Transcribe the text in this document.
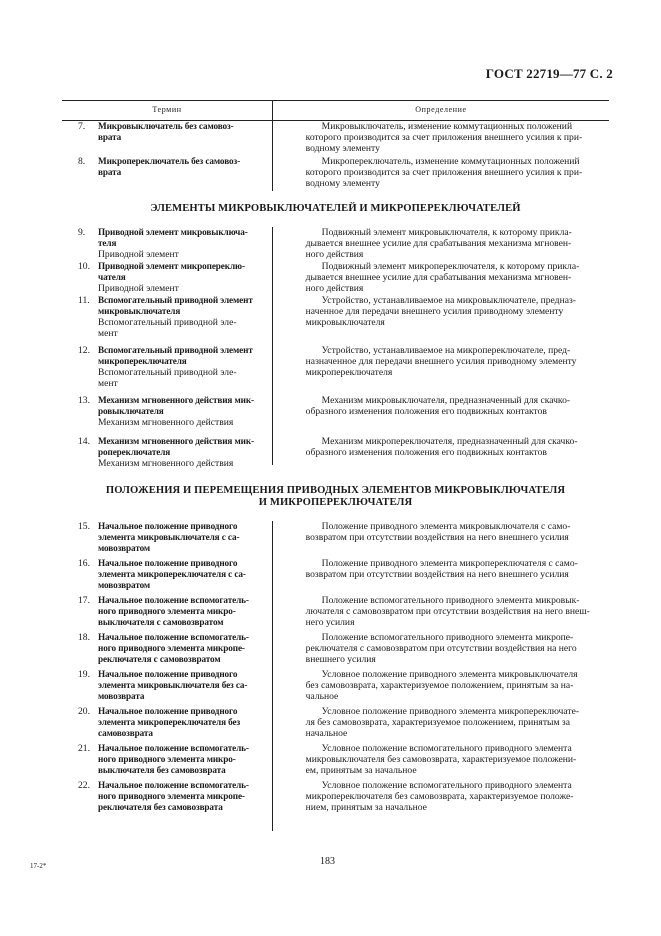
ГОСТ 22719—77 С. 2
Термин	Определение
7. Микровыключатель без самовоз-
врата
Микровыключатель, изменение коммутационных положений
которого производится за счет приложения внешнего усилия к при-
водному элементу
8. Микропереключатель без самовоз-
врата
Микропереключатель, изменение коммутационных положений
которого производится за счет приложения внешнего усилия к при-
водному элементу
ЭЛЕМЕНТЫ МИКРОВЫКЛЮЧАТЕЛЕЙ И МИКРОПЕРЕКЛЮЧАТЕЛЕЙ
9. Приводной элемент микровыключа-
теля
Приводной элемент
Подвижный элемент микровыключателя, к которому прикла-
дывается внешнее усилие для срабатывания механизма мгновен-
ного действия
10. Приводной элемент микропереклю-
чателя
Приводной элемент
Подвижный элемент микропереключателя, к которому прикла-
дывается внешнее усилие для срабатывания механизма мгновен-
ного действия
11. Вспомогательный приводной элемент
микровыключателя
Вспомогательный приводной эле-
мент
Устройство, устанавливаемое на микровыключателе, предназ-
наченное для передачи внешнего усилия приводному элементу
микровыключателя
12. Вспомогательный приводной элемент
микропереключателя
Вспомогательный приводной эле-
мент
Устройство, устанавливаемое на микропереключателе, пред-
назначенное для передачи внешнего усилия приводному элементу
микропереключателя
13. Механизм мгновенного действия мик-
ровыключателя
Механизм мгновенного действия
Механизм микровыключателя, предназначенный для скачко-
образного изменения положения его подвижных контактов
14. Механизм мгновенного действия мик-
ропереключателя
Механизм мгновенного действия
Механизм микропереключателя, предназначенный для скачко-
образного изменения положения его подвижных контактов
ПОЛОЖЕНИЯ И ПЕРЕМЕЩЕНИЯ ПРИВОДНЫХ ЭЛЕМЕНТОВ МИКРОВЫКЛЮЧАТЕЛЯ
И МИКРОПЕРЕКЛЮЧАТЕЛЯ
15. Начальное положение приводного
элемента микровыключателя с са-
мовозвратом
Положение приводного элемента микровыключателя с само-
возвратом при отсутствии воздействия на него внешнего усилия
16. Начальное положение приводного
элемента микропереключателя с са-
мовозвратом
Положение приводного элемента микропереключателя с само-
возвратом при отсутствии воздействия на него внешнего усилия
17. Начальное положение вспомогатель-
ного приводного элемента микро-
выключателя с самовозвратом
Положение вспомогательного приводного элемента микровык-
лючателя с самовозвратом при отсутствии воздействия на него внеш-
него усилия
18. Начальное положение вспомогатель-
ного приводного элемента микропе-
реключателя с самовозвратом
Положение вспомогательного приводного элемента микропе-
реключателя с самовозвратом при отсутствии воздействия на него
внешнего усилия
19. Начальное положение приводного
элемента микровыключателя без са-
мовозврата
Условное положение приводного элемента микровыключателя
без самовозврата, характеризуемое положением, принятым за на-
чальное
20. Начальное положение приводного
элемента микропереключателя без
самовозврата
Условное положение приводного элемента микропереключате-
ля без самовозврата, характеризуемое положением, принятым за
начальное
21. Начальное положение вспомогатель-
ного приводного элемента микро-
выключателя без самовозврата
Условное положение вспомогательного приводного элемента
микровыключателя без самовозврата, характеризуемое положени-
ем, принятым за начальное
22. Начальное положение вспомогатель-
ного приводного элемента микропе-
реключателя без самовозврата
Условное положение вспомогательного приводного элемента
микропереключателя без самовозврата, характеризуемое положе-
нием, принятым за начальное
17-2*	183
